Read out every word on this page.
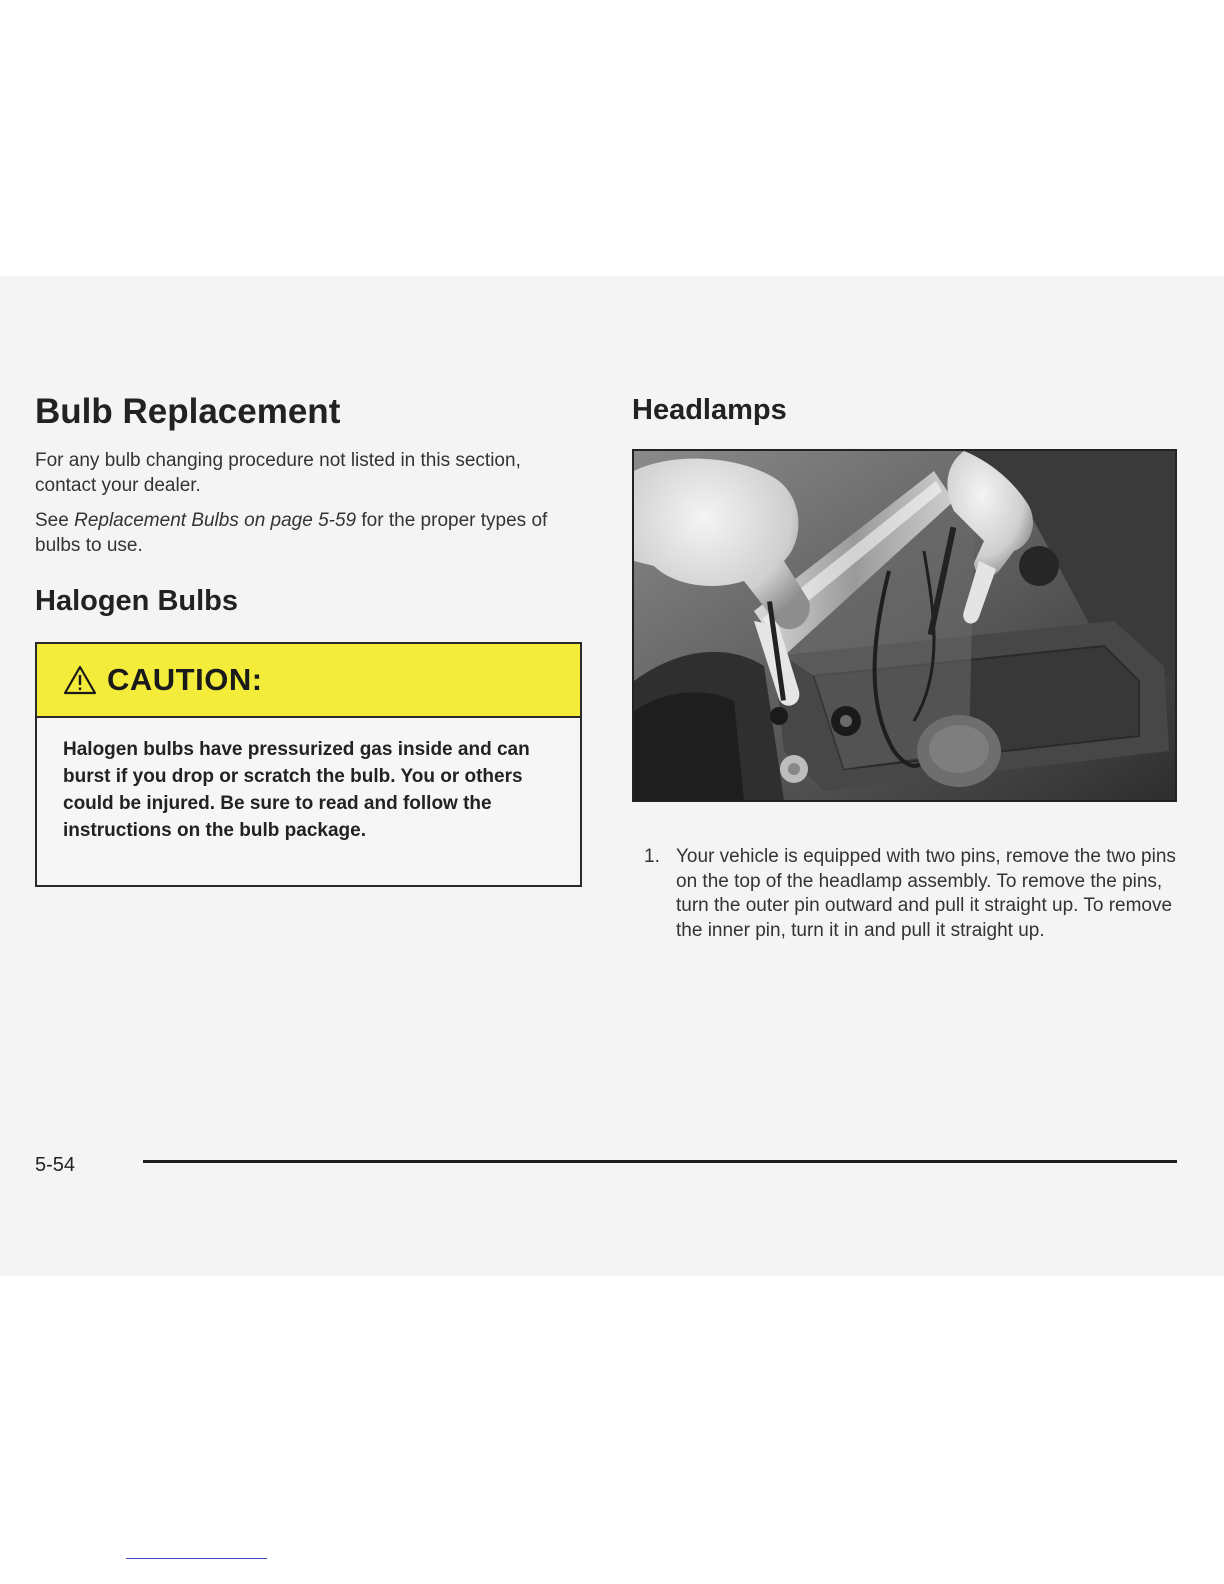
Bulb Replacement

For any bulb changing procedure not listed in this section, contact your dealer.

See Replacement Bulbs on page 5-59 for the proper types of bulbs to use.

Halogen Bulbs
CAUTION:

Halogen bulbs have pressurized gas inside and can burst if you drop or scratch the bulb. You or others could be injured. Be sure to read and follow the instructions on the bulb package.

Headlamps
1. Your vehicle is equipped with two pins, remove the two pins on the top of the headlamp assembly. To remove the pins, turn the outer pin outward and pull it straight up. To remove the inner pin, turn it in and pull it straight up.
5-54
